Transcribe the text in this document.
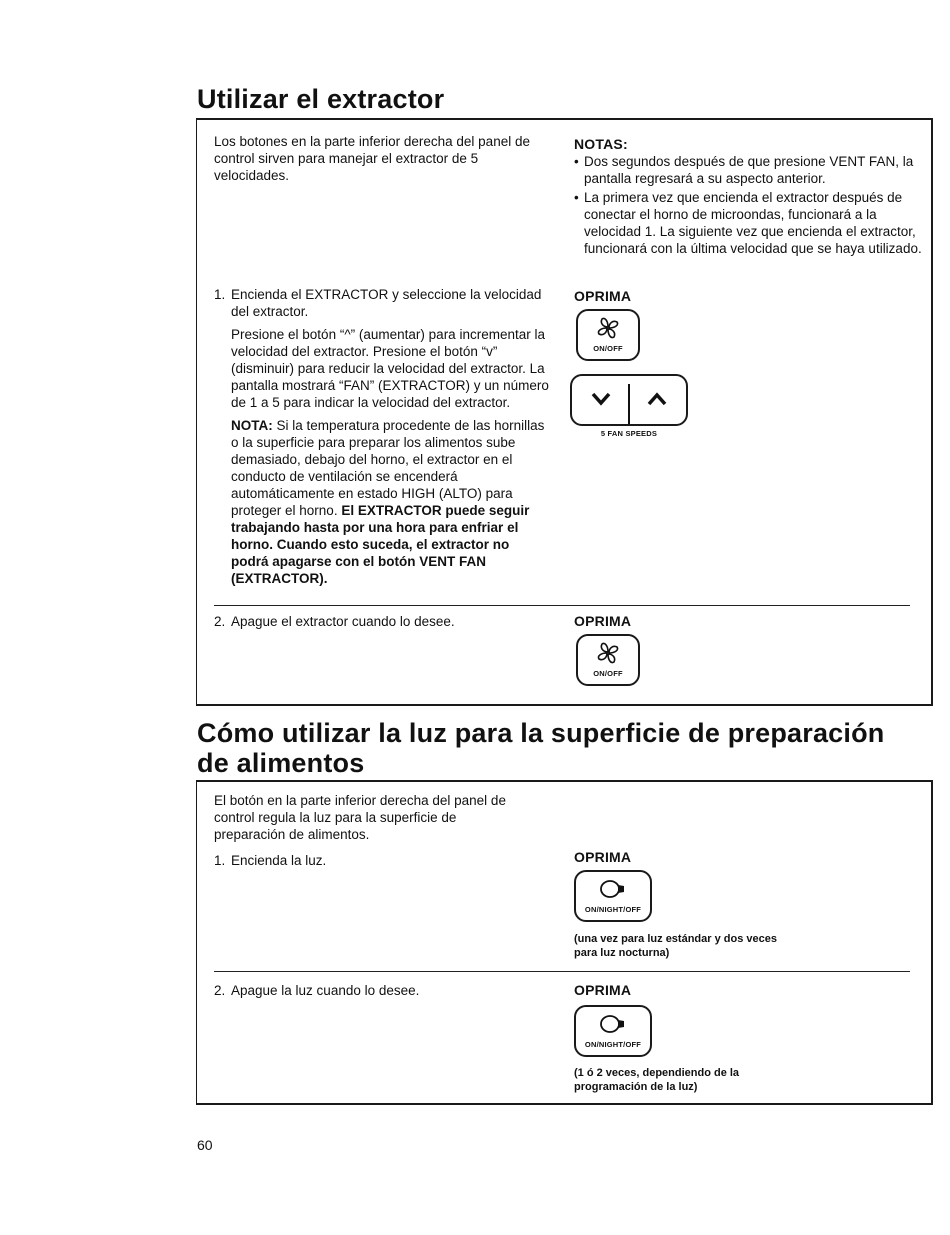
Utilizar el extractor
Los botones en la parte inferior derecha del panel de control sirven para manejar el extractor de 5 velocidades.
NOTAS:
• Dos segundos después de que presione VENT FAN, la pantalla regresará a su aspecto anterior.
• La primera vez que encienda el extractor después de conectar el horno de microondas, funcionará a la velocidad 1. La siguiente vez que encienda el extractor, funcionará con la última velocidad que se haya utilizado.
1. Encienda el EXTRACTOR y seleccione la velocidad del extractor.

Presione el botón “^” (aumentar) para incrementar la velocidad del extractor. Presione el botón “v” (disminuir) para reducir la velocidad del extractor. La pantalla mostrará “FAN” (EXTRACTOR) y un número de 1 a 5 para indicar la velocidad del extractor.

NOTA: Si la temperatura procedente de las hornillas o la superficie para preparar los alimentos sube demasiado, debajo del horno, el extractor en el conducto de ventilación se encenderá automáticamente en estado HIGH (ALTO) para proteger el horno. El EXTRACTOR puede seguir trabajando hasta por una hora para enfriar el horno. Cuando esto suceda, el extractor no podrá apagarse con el botón VENT FAN (EXTRACTOR).

OPRIMA
ON/OFF
5 FAN SPEEDS
2. Apague el extractor cuando lo desee.	OPRIMA
ON/OFF
Cómo utilizar la luz para la superficie de preparación
de alimentos
El botón en la parte inferior derecha del panel de control regula la luz para la superficie de preparación de alimentos.
1. Encienda la luz.	OPRIMA
ON/NIGHT/OFF
(una vez para luz estándar y dos veces para luz nocturna)
2. Apague la luz cuando lo desee.	OPRIMA
ON/NIGHT/OFF
(1 ó 2 veces, dependiendo de la programación de la luz)
60
